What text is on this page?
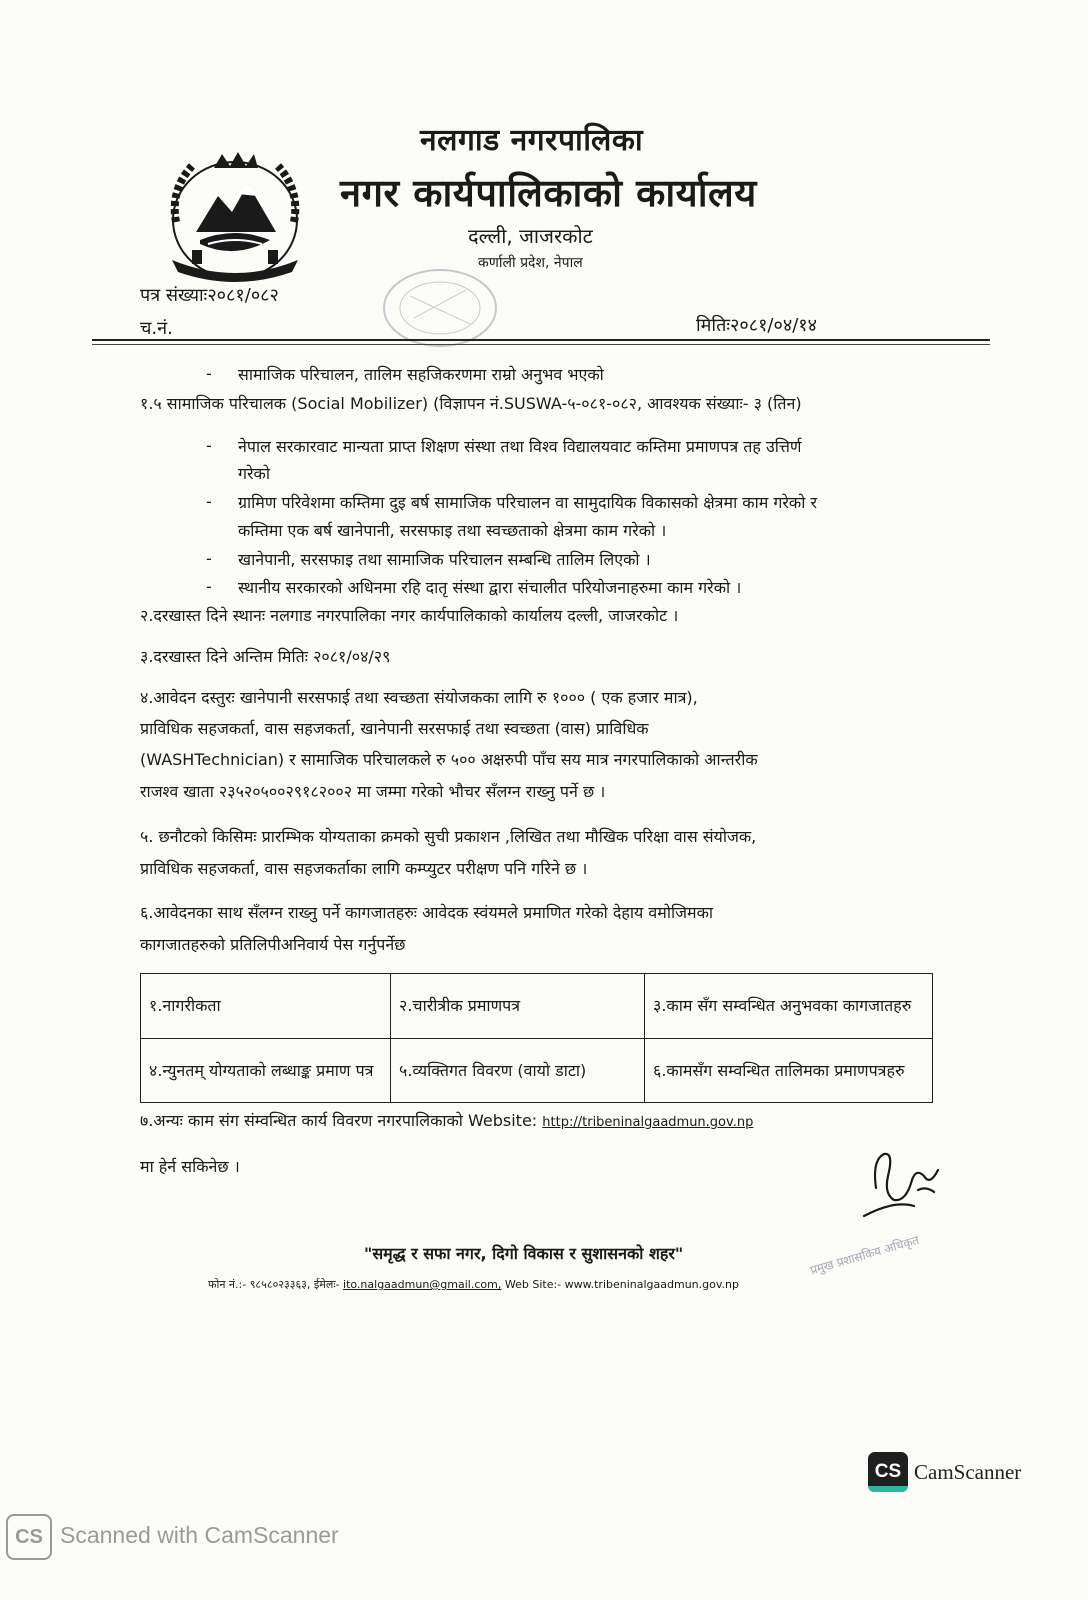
नलगाड नगरपालिका
नगर कार्यपालिकाको कार्यालय
दल्ली, जाजरकोट
कर्णाली प्रदेश, नेपाल
पत्र संख्याः२०८१/०८२
च.नं.	मितिः२०८१/०४/१४
- सामाजिक परिचालन, तालिम सहजिकरणमा राम्रो अनुभव भएको
१.५ सामाजिक परिचालक (Social Mobilizer) (विज्ञापन नं.SUSWA-५-०८१-०८२, आवश्यक संख्याः- ३ (तिन)
- नेपाल सरकारवाट मान्यता प्राप्त शिक्षण संस्था तथा विश्व विद्यालयवाट कम्तिमा प्रमाणपत्र तह उत्तिर्ण
गरेको
- ग्रामिण परिवेशमा कम्तिमा दुइ बर्ष सामाजिक परिचालन वा सामुदायिक विकासको क्षेत्रमा काम गरेको र
कम्तिमा एक बर्ष खानेपानी, सरसफाइ तथा स्वच्छताको क्षेत्रमा काम गरेको ।
- खानेपानी, सरसफाइ तथा सामाजिक परिचालन सम्बन्धि तालिम लिएको ।
- स्थानीय सरकारको अधिनमा रहि दातृ संस्था द्वारा संचालीत परियोजनाहरुमा काम गरेको ।
२.दरखास्त दिने स्थानः नलगाड नगरपालिका नगर कार्यपालिकाको कार्यालय दल्ली, जाजरकोट ।
३.दरखास्त दिने अन्तिम मितिः २०८१/०४/२९
४.आवेदन दस्तुरः खानेपानी सरसफाई तथा स्वच्छता संयोजकका लागि रु १००० ( एक हजार मात्र),
प्राविधिक सहजकर्ता, वास सहजकर्ता, खानेपानी सरसफाई तथा स्वच्छता (वास) प्राविधिक
(WASHTechnician) र सामाजिक परिचालकले रु ५०० अक्षरुपी पाँच सय मात्र नगरपालिकाको आन्तरीक
राजश्व खाता २३५२०५००२९१८२००२ मा जम्मा गरेको भौचर सँलग्न राख्नु पर्ने छ ।
५. छनौटको किसिमः प्रारम्भिक योग्यताका क्रमको सुची प्रकाशन ,लिखित तथा मौखिक परिक्षा वास संयोजक,
प्राविधिक सहजकर्ता, वास सहजकर्ताका लागि कम्प्युटर परीक्षण पनि गरिने छ ।
६.आवेदनका साथ सँलग्न राख्नु पर्ने कागजातहरुः आवेदक स्वंयमले प्रमाणित गरेको देहाय वमोजिमका
कागजातहरुको प्रतिलिपीअनिवार्य पेस गर्नुपर्नेछ
१.नागरीकता	२.चारीत्रीक प्रमाणपत्र	३.काम सँग सम्वन्धित अनुभवका कागजातहरु
४.न्युनतम् योग्यताको लब्धाङ्क प्रमाण पत्र	५.व्यक्तिगत विवरण (वायो डाटा)	६.कामसँग सम्वन्धित तालिमका प्रमाणपत्रहरु
७.अन्यः काम संग संम्वन्धित कार्य विवरण नगरपालिकाको Website: http://tribeninalgaadmun.gov.np
मा हेर्न सकिनेछ ।
"समृद्ध र सफा नगर, दिगो विकास र सुशासनको शहर"
फोन नं.:- ९८५८०२३३६३, ईमेलः- ito.nalgaadmun@gmail.com, Web Site:- www.tribeninalgaadmun.gov.np
प्रमुख प्रशासकिय अधिकृत
CS CamScanner
CS Scanned with CamScanner
